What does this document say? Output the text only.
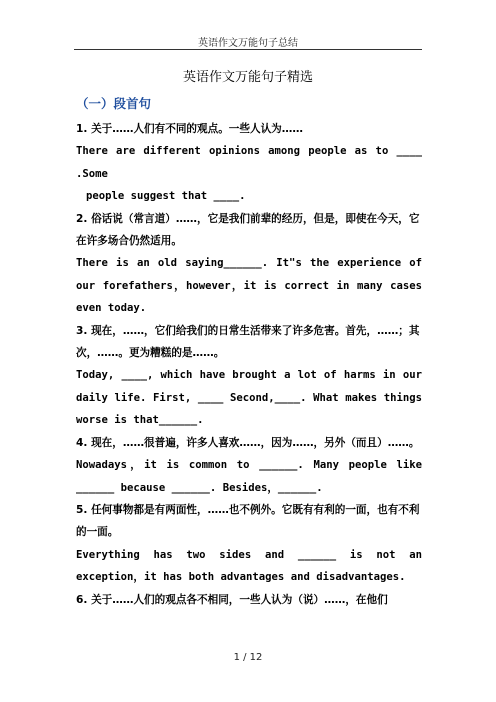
英语作文万能句子总结
英语作文万能句子精选
（一）段首句
1. 关于……人们有不同的观点。一些人认为……
There are different opinions among people as to ____ .Some
people suggest that ____.
2. 俗话说（常言道）……，它是我们前辈的经历，但是，即使在今天，它在许多场合仍然适用。
There is an old saying______. It"s the experience of our forefathers，however，it is correct in many cases even today.
3. 现在，……，它们给我们的日常生活带来了许多危害。首先，……；其次，……。更为糟糕的是……。
Today, ____, which have brought a lot of harms in our daily life. First, ____ Second,____. What makes things worse is that______.
4. 现在，……很普遍，许多人喜欢……，因为……，另外（而且）……。
Nowadays，it is common to ______. Many people like ______ because ______. Besides，______.
5. 任何事物都是有两面性，……也不例外。它既有有利的一面，也有不利的一面。
Everything has two sides and ______ is not an exception，it has both advantages and disadvantages.
6. 关于……人们的观点各不相同，一些人认为（说）……，在他们
1 / 12
